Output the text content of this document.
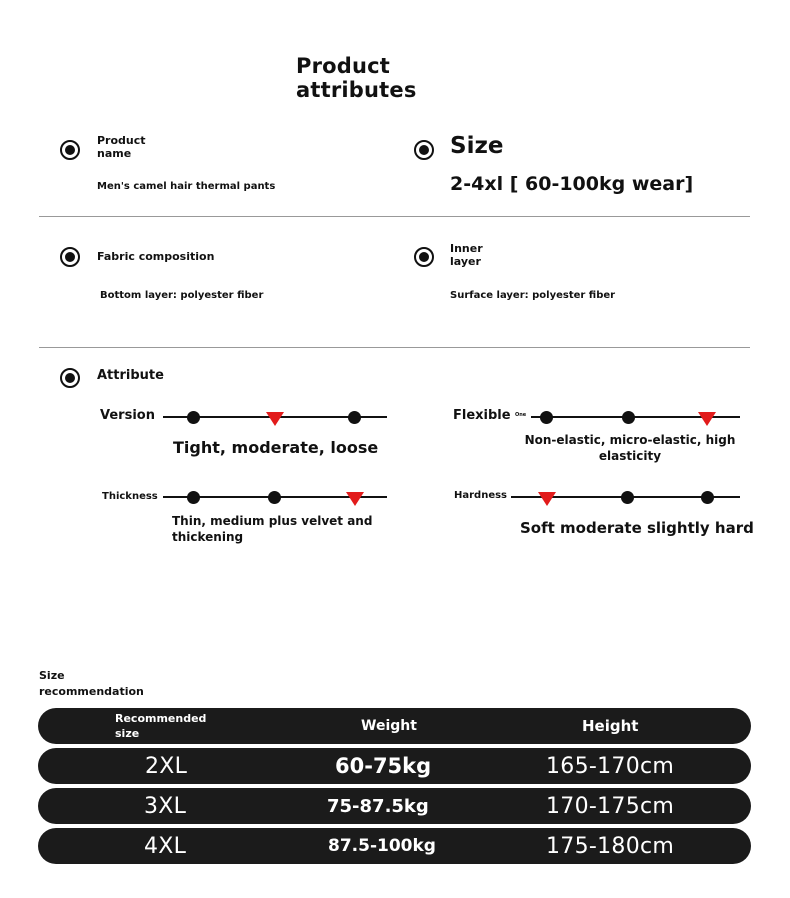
Product
attributes
Product
name
Men's camel hair thermal pants
Size
2-4xl [ 60-100kg wear]
Fabric composition
Bottom layer: polyester fiber
Inner
layer
Surface layer: polyester fiber
Attribute
Version
Tight, moderate, loose
Flexible One
Non-elastic, micro-elastic, high
elasticity
Thickness
Thin, medium plus velvet and
thickening
Hardness
Soft moderate slightly hard
Size
recommendation
Recommended
size	Weight	Height
2XL	60-75kg	165-170cm
3XL	75-87.5kg	170-175cm
4XL	87.5-100kg	175-180cm
